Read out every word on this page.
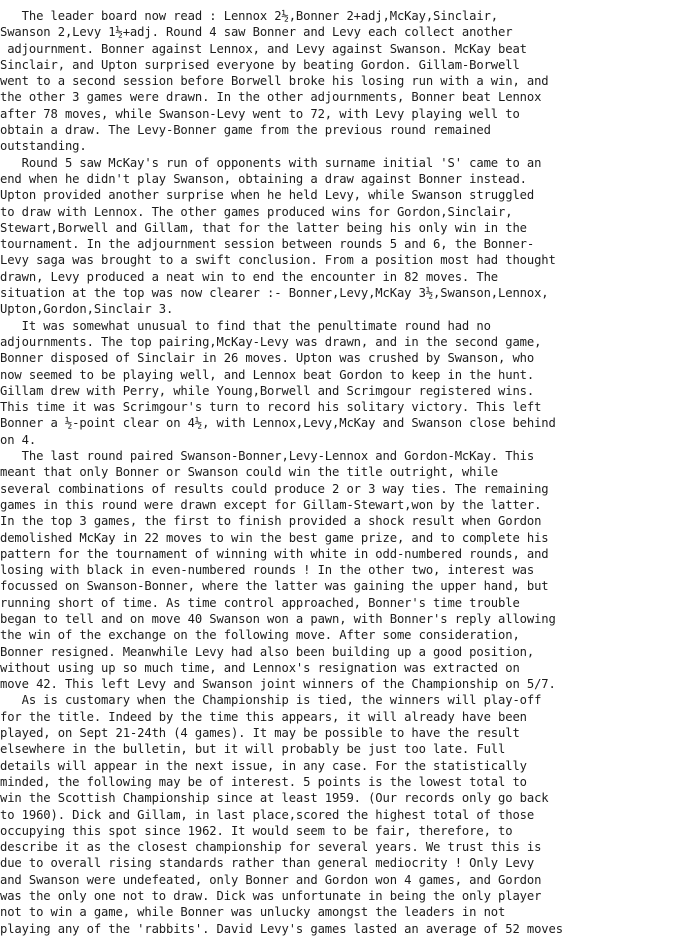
The leader board now read : Lennox 2½,Bonner 2+adj,McKay,Sinclair,
Swanson 2,Levy 1½+adj. Round 4 saw Bonner and Levy each collect another
adjournment. Bonner against Lennox, and Levy against Swanson. McKay beat
Sinclair, and Upton surprised everyone by beating Gordon. Gillam-Borwell
went to a second session before Borwell broke his losing run with a win, and
the other 3 games were drawn. In the other adjournments, Bonner beat Lennox
after 78 moves, while Swanson-Levy went to 72, with Levy playing well to
obtain a draw. The Levy-Bonner game from the previous round remained
outstanding.
Round 5 saw McKay's run of opponents with surname initial 'S' came to an
end when he didn't play Swanson, obtaining a draw against Bonner instead.
Upton provided another surprise when he held Levy, while Swanson struggled
to draw with Lennox. The other games produced wins for Gordon,Sinclair,
Stewart,Borwell and Gillam, that for the latter being his only win in the
tournament. In the adjournment session between rounds 5 and 6, the Bonner-
Levy saga was brought to a swift conclusion. From a position most had thought
drawn, Levy produced a neat win to end the encounter in 82 moves. The
situation at the top was now clearer :- Bonner,Levy,McKay 3½,Swanson,Lennox,
Upton,Gordon,Sinclair 3.
It was somewhat unusual to find that the penultimate round had no
adjournments. The top pairing,McKay-Levy was drawn, and in the second game,
Bonner disposed of Sinclair in 26 moves. Upton was crushed by Swanson, who
now seemed to be playing well, and Lennox beat Gordon to keep in the hunt.
Gillam drew with Perry, while Young,Borwell and Scrimgour registered wins.
This time it was Scrimgour's turn to record his solitary victory. This left
Bonner a ½-point clear on 4½, with Lennox,Levy,McKay and Swanson close behind
on 4.
The last round paired Swanson-Bonner,Levy-Lennox and Gordon-McKay. This
meant that only Bonner or Swanson could win the title outright, while
several combinations of results could produce 2 or 3 way ties. The remaining
games in this round were drawn except for Gillam-Stewart,won by the latter.
In the top 3 games, the first to finish provided a shock result when Gordon
demolished McKay in 22 moves to win the best game prize, and to complete his
pattern for the tournament of winning with white in odd-numbered rounds, and
losing with black in even-numbered rounds ! In the other two, interest was
focussed on Swanson-Bonner, where the latter was gaining the upper hand, but
running short of time. As time control approached, Bonner's time trouble
began to tell and on move 40 Swanson won a pawn, with Bonner's reply allowing
the win of the exchange on the following move. After some consideration,
Bonner resigned. Meanwhile Levy had also been building up a good position,
without using up so much time, and Lennox's resignation was extracted on
move 42. This left Levy and Swanson joint winners of the Championship on 5/7.
As is customary when the Championship is tied, the winners will play-off
for the title. Indeed by the time this appears, it will already have been
played, on Sept 21-24th (4 games). It may be possible to have the result
elsewhere in the bulletin, but it will probably be just too late. Full
details will appear in the next issue, in any case. For the statistically
minded, the following may be of interest. 5 points is the lowest total to
win the Scottish Championship since at least 1959. (Our records only go back
to 1960). Dick and Gillam, in last place,scored the highest total of those
occupying this spot since 1962. It would seem to be fair, therefore, to
describe it as the closest championship for several years. We trust this is
due to overall rising standards rather than general mediocrity ! Only Levy
and Swanson were undefeated, only Bonner and Gordon won 4 games, and Gordon
was the only one not to draw. Dick was unfortunate in being the only player
not to win a game, while Bonner was unlucky amongst the leaders in not
playing any of the 'rabbits'. David Levy's games lasted an average of 52 moves
